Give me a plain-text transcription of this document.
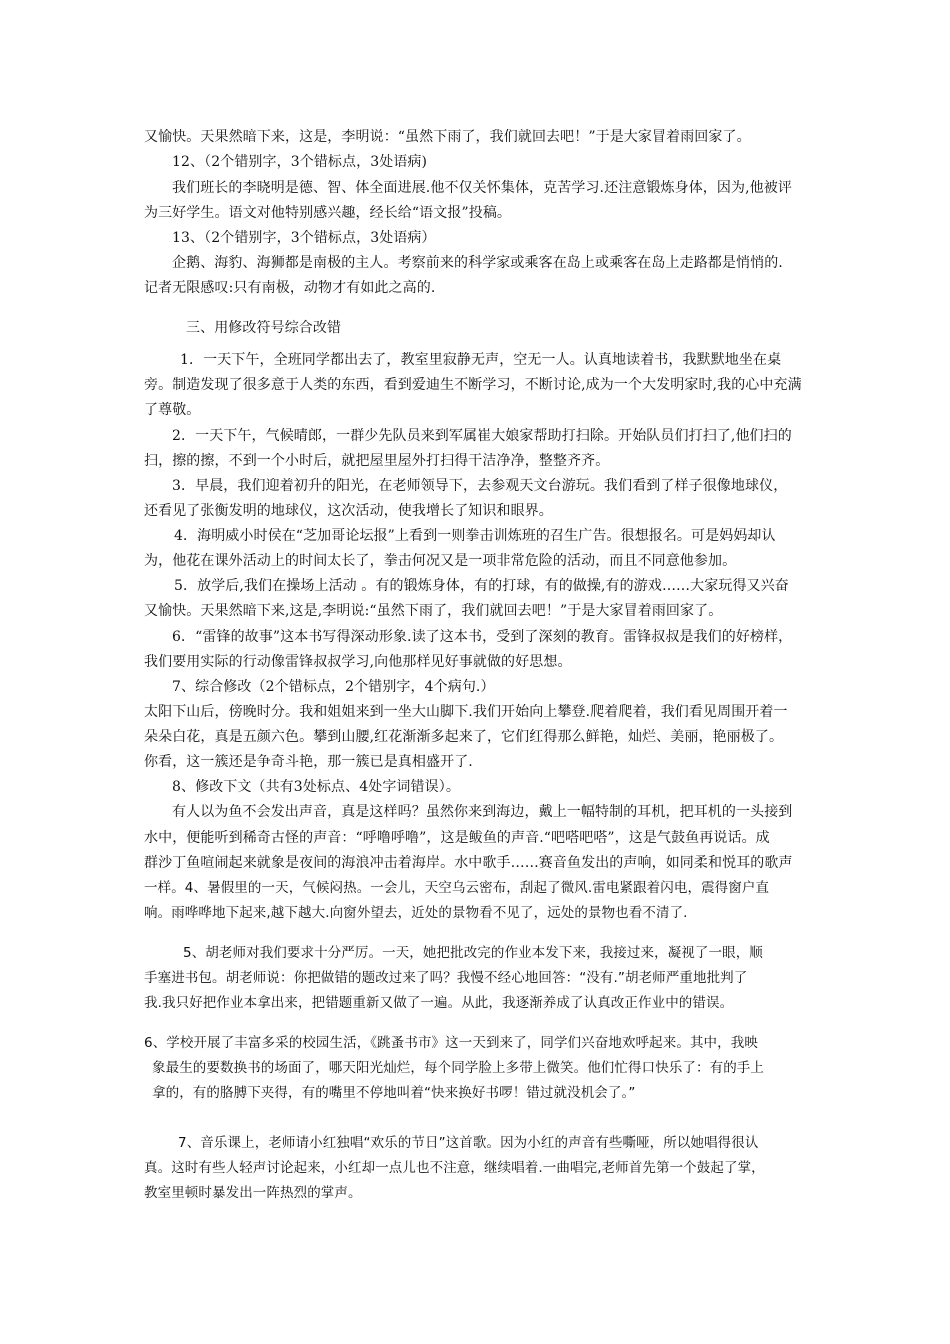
又愉快。天果然暗下来，这是，李明说：“虽然下雨了，我们就回去吧！”于是大家冒着雨回家了。
12、（2个错别字，3个错标点，3处语病)
我们班长的李晓明是德、智、体全面进展.他不仅关怀集体，克苦学习.还注意锻炼身体，因为,他被评
为三好学生。语文对他特别感兴趣，经长给“语文报”投稿。
13、（2个错别字，3个错标点，3处语病）
企鹅、海豹、海狮都是南极的主人。考察前来的科学家或乘客在岛上或乘客在岛上走路都是悄悄的.
记者无限感叹:只有南极，动物才有如此之高的.
三、用修改符号综合改错
1．一天下午，全班同学都出去了，教室里寂静无声，空无一人。认真地读着书，我默默地坐在桌
旁。制造发现了很多意于人类的东西，看到爱迪生不断学习，不断讨论,成为一个大发明家时,我的心中充满
了尊敬。
2．一天下午，气候晴郎，一群少先队员来到军属崔大娘家帮助打扫除。开始队员们打扫了,他们扫的
扫，擦的擦，不到一个小时后，就把屋里屋外打扫得干洁净净，整整齐齐。
3．早晨，我们迎着初升的阳光，在老师领导下，去参观天文台游玩。我们看到了样子很像地球仪，
还看见了张衡发明的地球仪，这次活动，使我增长了知识和眼界。
4．海明威小时侯在“芝加哥论坛报”上看到一则拳击训炼班的召生广告。很想报名。可是妈妈却认
为，他花在课外活动上的时间太长了，拳击何况又是一项非常危险的活动，而且不同意他参加。
5．放学后,我们在操场上活动 。有的锻炼身体，有的打球，有的做操,有的游戏……大家玩得又兴奋
又愉快。天果然暗下来,这是,李明说:“虽然下雨了，我们就回去吧！”于是大家冒着雨回家了。
6．“雷锋的故事”这本书写得深动形象.读了这本书，受到了深刻的教育。雷锋叔叔是我们的好榜样，
我们要用实际的行动像雷锋叔叔学习,向他那样见好事就做的好思想。
7、综合修改（2个错标点，2个错别字，4个病句.）
太阳下山后，傍晚时分。我和姐姐来到一坐大山脚下.我们开始向上攀登.爬着爬着，我们看见周围开着一
朵朵白花，真是五颜六色。攀到山腰,红花渐渐多起来了，它们红得那么鲜艳，灿烂、美丽，艳丽极了。
你看，这一簇还是争奇斗艳，那一簇已是真相盛开了.
8、修改下文（共有3处标点、4处字词错误）。
有人以为鱼不会发出声音，真是这样吗？虽然你来到海边，戴上一幅特制的耳机，把耳机的一头接到
水中，便能听到稀奇古怪的声音：“呼噜呼噜”，这是鲅鱼的声音.“吧嗒吧嗒”，这是气鼓鱼再说话。成
群沙丁鱼喧闹起来就象是夜间的海浪冲击着海岸。水中歌手……赛音鱼发出的声响，如同柔和悦耳的歌声
一样。4、暑假里的一天，气候闷热。一会儿，天空乌云密布，刮起了微风.雷电紧跟着闪电，震得窗户直
响。雨哗哗地下起来,越下越大.向窗外望去，近处的景物看不见了，远处的景物也看不清了.
5、胡老师对我们要求十分严厉。一天，她把批改完的作业本发下来，我接过来，凝视了一眼，顺
手塞进书包。胡老师说：你把做错的题改过来了吗？我慢不经心地回答：“没有.”胡老师严重地批判了
我.我只好把作业本拿出来，把错题重新又做了一遍。从此，我逐渐养成了认真改正作业中的错误。
6、学校开展了丰富多采的校园生活，《跳蚤书市》这一天到来了，同学们兴奋地欢呼起来。其中，我映
象最生的要数换书的场面了，哪天阳光灿烂，每个同学脸上多带上微笑。他们忙得口快乐了：有的手上
拿的，有的胳膊下夹得，有的嘴里不停地叫着“快来换好书啰！错过就没机会了。”
7、音乐课上，老师请小红独唱“欢乐的节日”这首歌。因为小红的声音有些嘶哑，所以她唱得很认
真。这时有些人轻声讨论起来，小红却一点儿也不注意，继续唱着.一曲唱完,老师首先第一个鼓起了掌，
教室里顿时暴发出一阵热烈的掌声。
